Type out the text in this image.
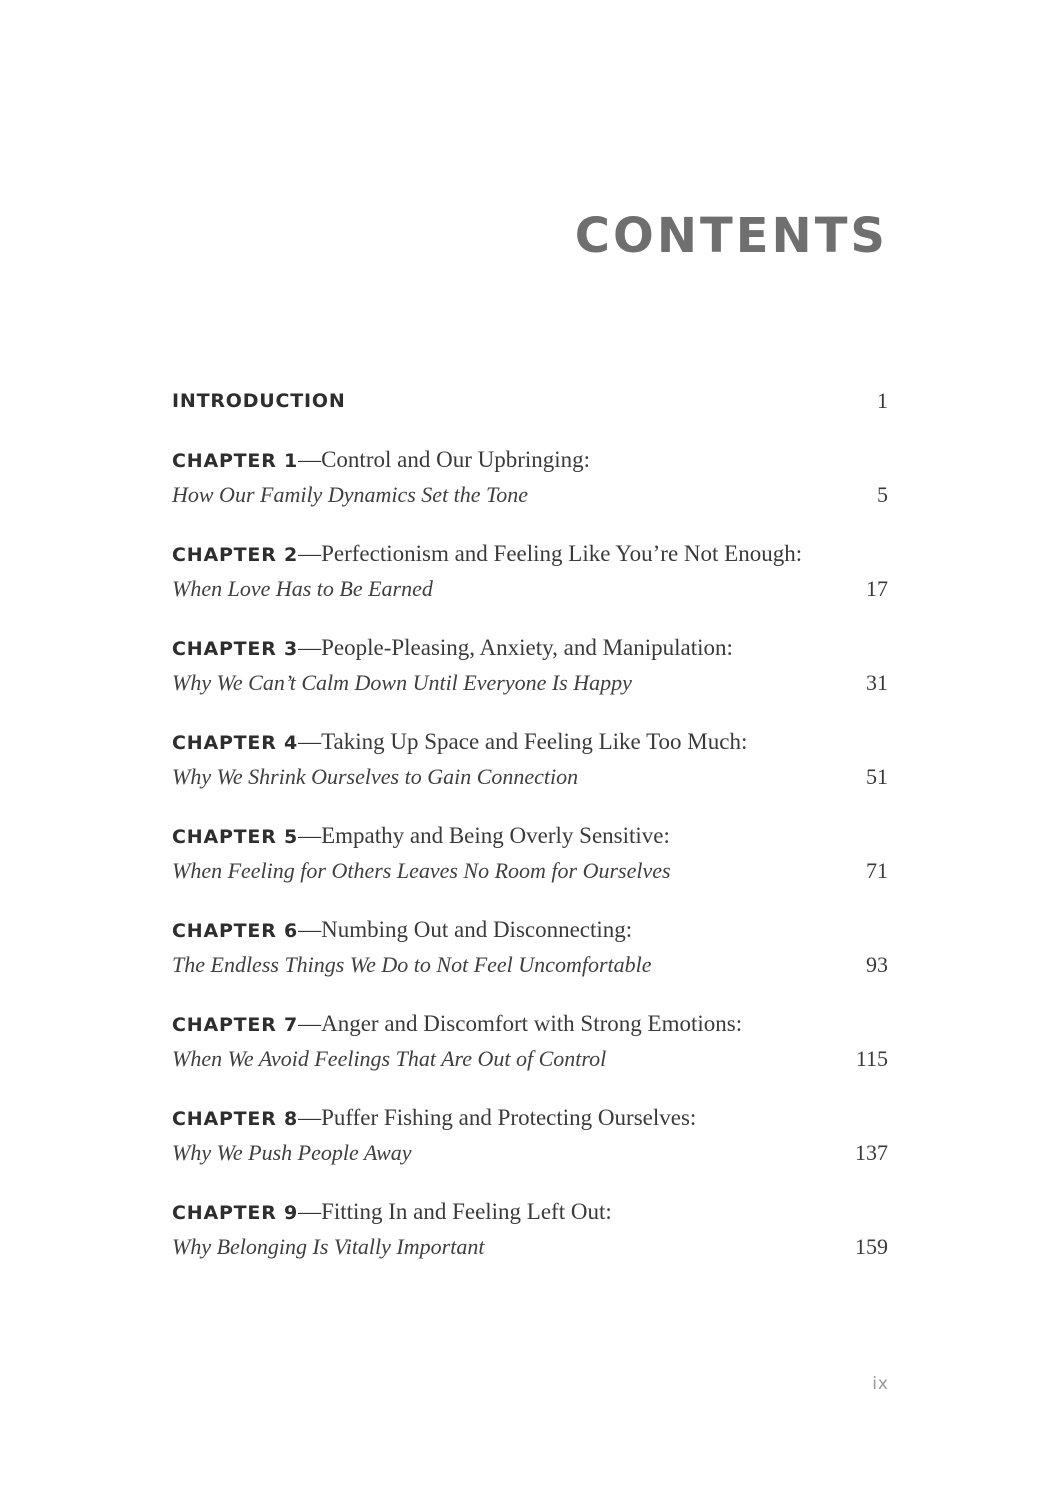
CONTENTS
INTRODUCTION	1
CHAPTER 1—Control and Our Upbringing:
How Our Family Dynamics Set the Tone	5
CHAPTER 2—Perfectionism and Feeling Like You’re Not Enough:
When Love Has to Be Earned	17
CHAPTER 3—People-Pleasing, Anxiety, and Manipulation:
Why We Can’t Calm Down Until Everyone Is Happy	31
CHAPTER 4—Taking Up Space and Feeling Like Too Much:
Why We Shrink Ourselves to Gain Connection	51
CHAPTER 5—Empathy and Being Overly Sensitive:
When Feeling for Others Leaves No Room for Ourselves	71
CHAPTER 6—Numbing Out and Disconnecting:
The Endless Things We Do to Not Feel Uncomfortable	93
CHAPTER 7—Anger and Discomfort with Strong Emotions:
When We Avoid Feelings That Are Out of Control	115
CHAPTER 8—Puffer Fishing and Protecting Ourselves:
Why We Push People Away	137
CHAPTER 9—Fitting In and Feeling Left Out:
Why Belonging Is Vitally Important	159
ix
